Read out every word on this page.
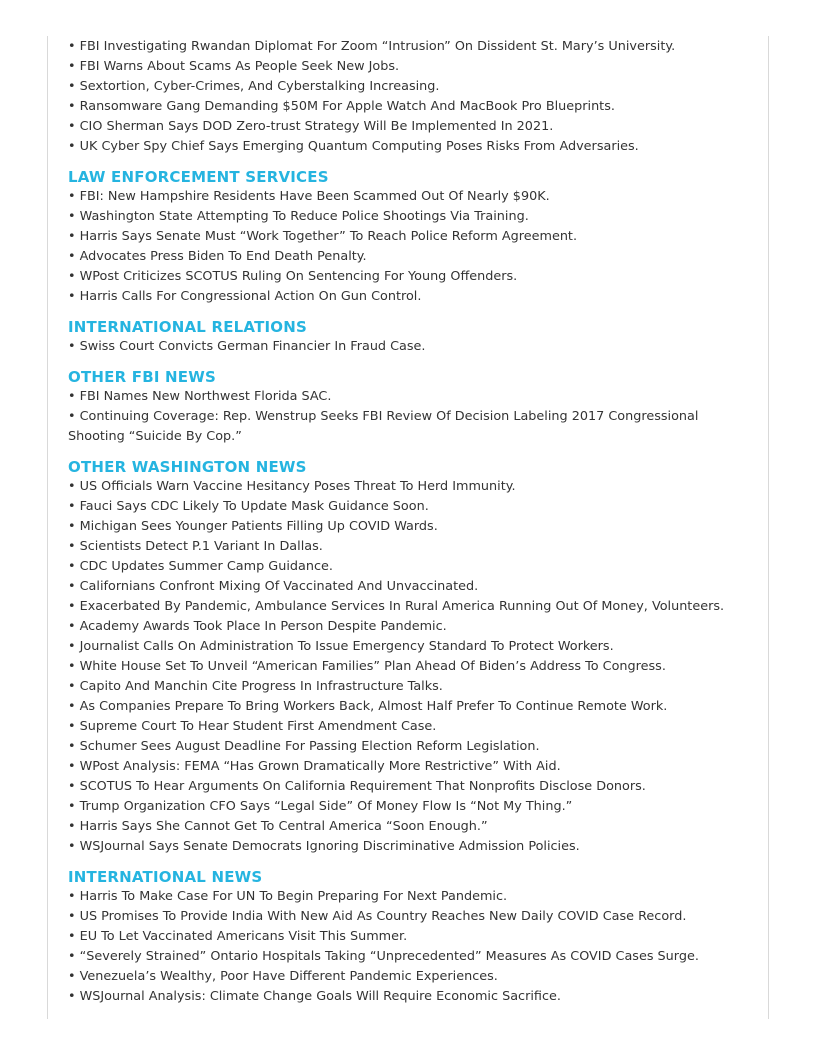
• FBI Investigating Rwandan Diplomat For Zoom “Intrusion” On Dissident St. Mary’s University.
• FBI Warns About Scams As People Seek New Jobs.
• Sextortion, Cyber-Crimes, And Cyberstalking Increasing.
• Ransomware Gang Demanding $50M For Apple Watch And MacBook Pro Blueprints.
• CIO Sherman Says DOD Zero-trust Strategy Will Be Implemented In 2021.
• UK Cyber Spy Chief Says Emerging Quantum Computing Poses Risks From Adversaries.
LAW ENFORCEMENT SERVICES
• FBI: New Hampshire Residents Have Been Scammed Out Of Nearly $90K.
• Washington State Attempting To Reduce Police Shootings Via Training.
• Harris Says Senate Must “Work Together” To Reach Police Reform Agreement.
• Advocates Press Biden To End Death Penalty.
• WPost Criticizes SCOTUS Ruling On Sentencing For Young Offenders.
• Harris Calls For Congressional Action On Gun Control.
INTERNATIONAL RELATIONS
• Swiss Court Convicts German Financier In Fraud Case.
OTHER FBI NEWS
• FBI Names New Northwest Florida SAC.
• Continuing Coverage: Rep. Wenstrup Seeks FBI Review Of Decision Labeling 2017 Congressional Shooting “Suicide By Cop.”
OTHER WASHINGTON NEWS
• US Officials Warn Vaccine Hesitancy Poses Threat To Herd Immunity.
• Fauci Says CDC Likely To Update Mask Guidance Soon.
• Michigan Sees Younger Patients Filling Up COVID Wards.
• Scientists Detect P.1 Variant In Dallas.
• CDC Updates Summer Camp Guidance.
• Californians Confront Mixing Of Vaccinated And Unvaccinated.
• Exacerbated By Pandemic, Ambulance Services In Rural America Running Out Of Money, Volunteers.
• Academy Awards Took Place In Person Despite Pandemic.
• Journalist Calls On Administration To Issue Emergency Standard To Protect Workers.
• White House Set To Unveil “American Families” Plan Ahead Of Biden’s Address To Congress.
• Capito And Manchin Cite Progress In Infrastructure Talks.
• As Companies Prepare To Bring Workers Back, Almost Half Prefer To Continue Remote Work.
• Supreme Court To Hear Student First Amendment Case.
• Schumer Sees August Deadline For Passing Election Reform Legislation.
• WPost Analysis: FEMA “Has Grown Dramatically More Restrictive” With Aid.
• SCOTUS To Hear Arguments On California Requirement That Nonprofits Disclose Donors.
• Trump Organization CFO Says “Legal Side” Of Money Flow Is “Not My Thing.”
• Harris Says She Cannot Get To Central America “Soon Enough.”
• WSJournal Says Senate Democrats Ignoring Discriminative Admission Policies.
INTERNATIONAL NEWS
• Harris To Make Case For UN To Begin Preparing For Next Pandemic.
• US Promises To Provide India With New Aid As Country Reaches New Daily COVID Case Record.
• EU To Let Vaccinated Americans Visit This Summer.
• “Severely Strained” Ontario Hospitals Taking “Unprecedented” Measures As COVID Cases Surge.
• Venezuela’s Wealthy, Poor Have Different Pandemic Experiences.
• WSJournal Analysis: Climate Change Goals Will Require Economic Sacrifice.
